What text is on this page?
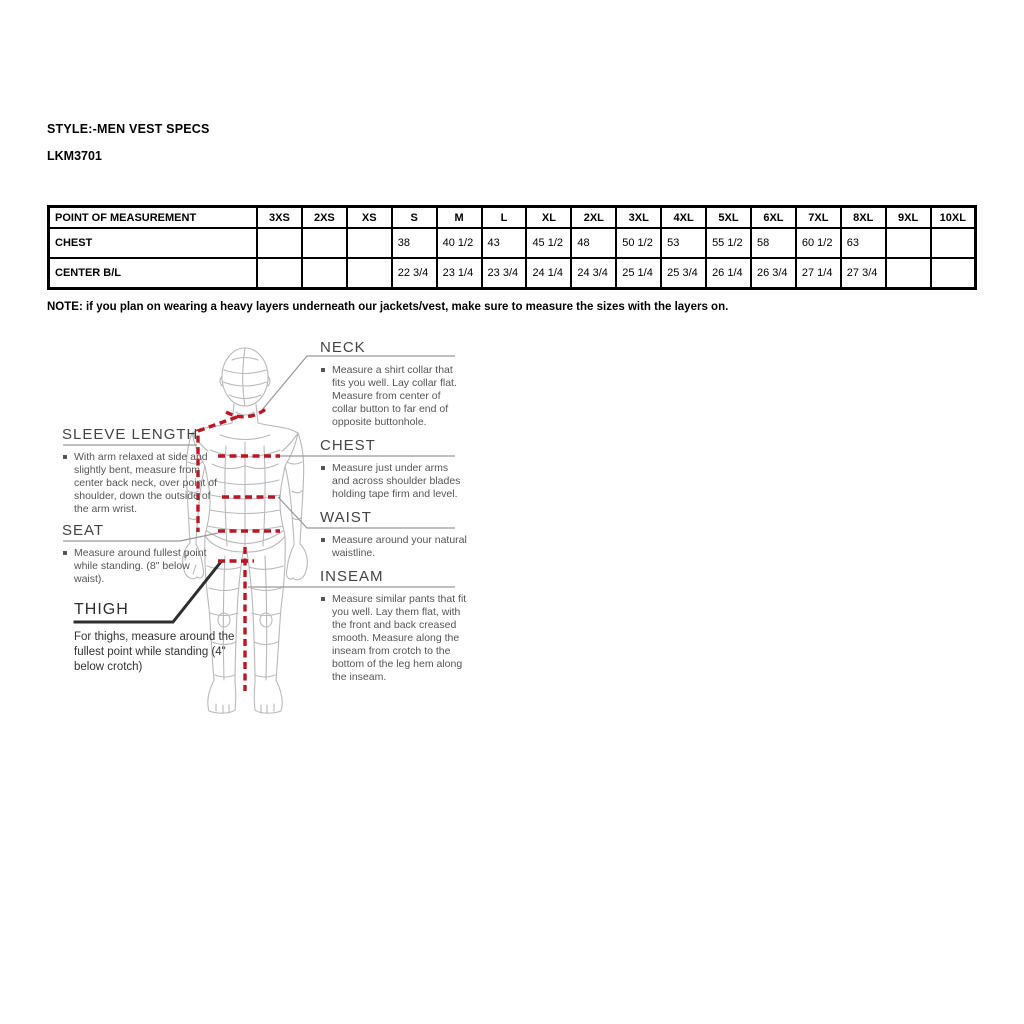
STYLE:-MEN VEST SPECS
LKM3701
POINT OF MEASUREMENT	3XS	2XS	XS	S	M	L	XL	2XL	3XL	4XL	5XL	6XL	7XL	8XL	9XL	10XL
CHEST				38	40 1/2	43	45 1/2	48	50 1/2	53	55 1/2	58	60 1/2	63		
CENTER B/L				22 3/4	23 1/4	23 3/4	24 1/4	24 3/4	25 1/4	25 3/4	26 1/4	26 3/4	27 1/4	27 3/4		
NOTE: if you plan on wearing a heavy layers underneath our jackets/vest, make sure to measure the sizes with the layers on.
NECK
Measure a shirt collar that fits you well. Lay collar flat. Measure from center of collar button to far end of opposite buttonhole.
CHEST
Measure just under arms and across shoulder blades holding tape firm and level.
WAIST
Measure around your natural waistline.
INSEAM
Measure similar pants that fit you well. Lay them flat, with the front and back creased smooth. Measure along the inseam from crotch to the bottom of the leg hem along the inseam.
SLEEVE LENGTH
With arm relaxed at side and slightly bent, measure from center back neck, over point of shoulder, down the outside of the arm wrist.
SEAT
Measure around fullest point while standing. (8" below waist).
THIGH
For thighs, measure around the fullest point while standing (4" below crotch)
